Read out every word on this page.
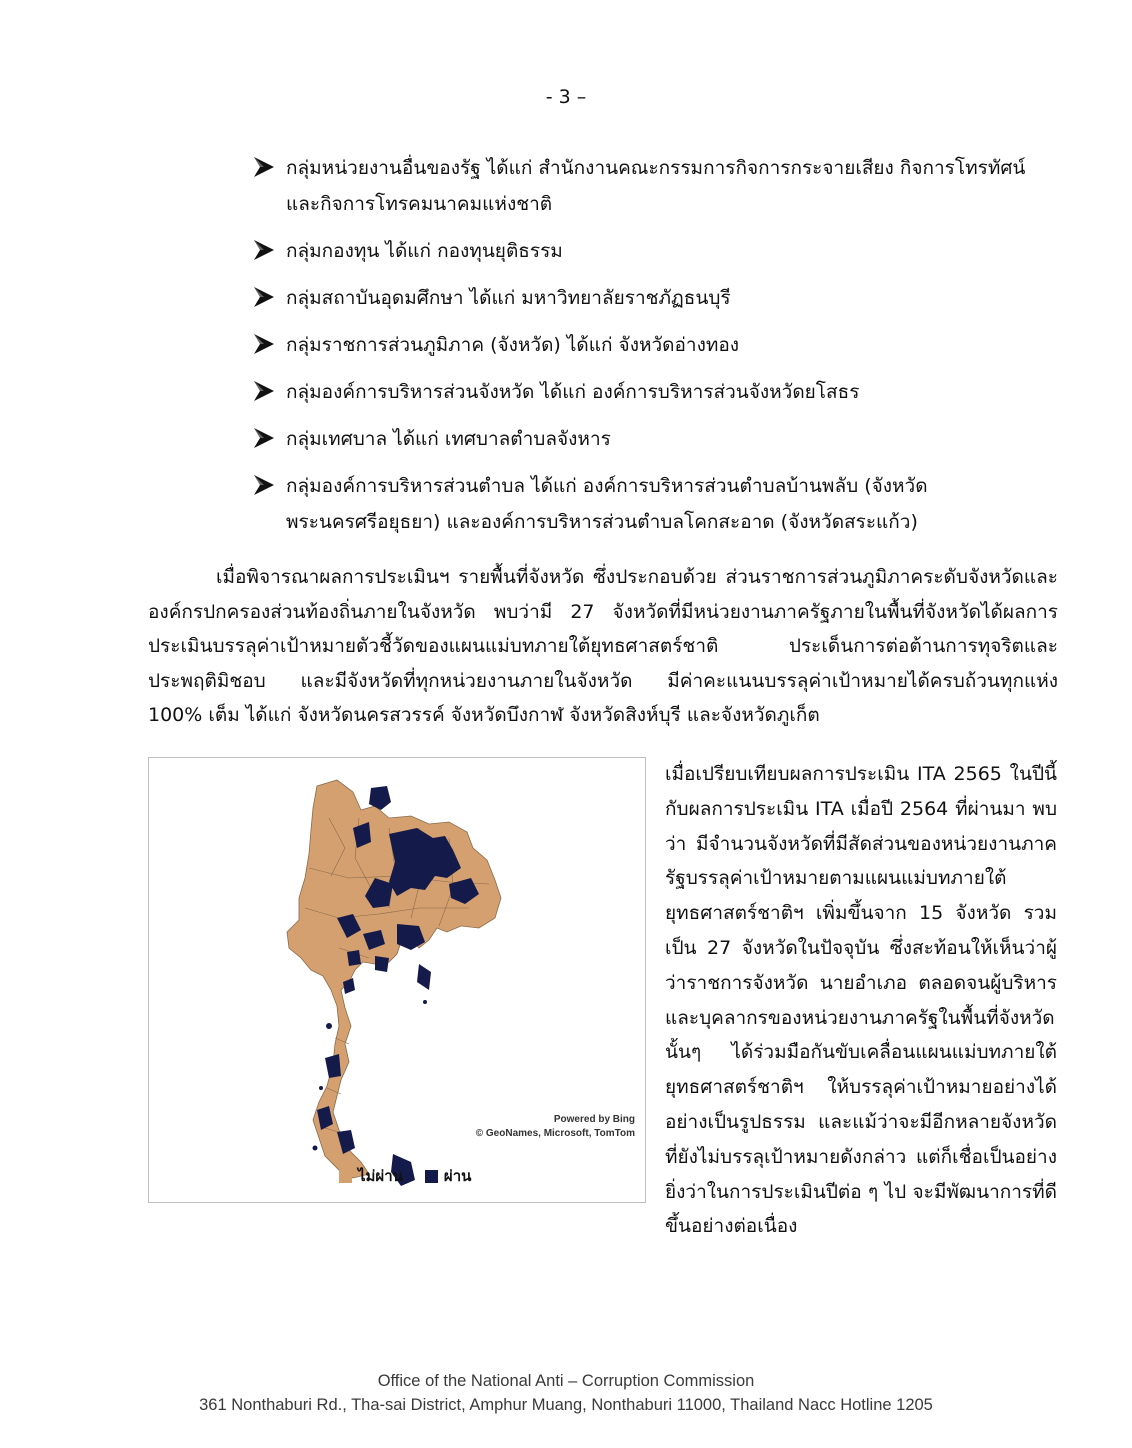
- 3 –
กลุ่มหน่วยงานอื่นของรัฐ ได้แก่ สำนักงานคณะกรรมการกิจการกระจายเสียง กิจการโทรทัศน์ และกิจการโทรคมนาคมแห่งชาติ
กลุ่มกองทุน ได้แก่ กองทุนยุติธรรม
กลุ่มสถาบันอุดมศึกษา ได้แก่ มหาวิทยาลัยราชภัฏธนบุรี
กลุ่มราชการส่วนภูมิภาค (จังหวัด) ได้แก่ จังหวัดอ่างทอง
กลุ่มองค์การบริหารส่วนจังหวัด ได้แก่ องค์การบริหารส่วนจังหวัดยโสธร
กลุ่มเทศบาล ได้แก่ เทศบาลตำบลจังหาร
กลุ่มองค์การบริหารส่วนตำบล ได้แก่ องค์การบริหารส่วนตำบลบ้านพลับ (จังหวัดพระนครศรีอยุธยา) และองค์การบริหารส่วนตำบลโคกสะอาด (จังหวัดสระแก้ว)

เมื่อพิจารณาผลการประเมินฯ รายพื้นที่จังหวัด ซึ่งประกอบด้วย ส่วนราชการส่วนภูมิภาคระดับจังหวัดและองค์กรปกครองส่วนท้องถิ่นภายในจังหวัด พบว่ามี 27 จังหวัดที่มีหน่วยงานภาครัฐภายในพื้นที่จังหวัดได้ผลการประเมินบรรลุค่าเป้าหมายตัวชี้วัดของแผนแม่บทภายใต้ยุทธศาสตร์ชาติ ประเด็นการต่อต้านการทุจริตและประพฤติมิชอบ และมีจังหวัดที่ทุกหน่วยงานภายในจังหวัด มีค่าคะแนนบรรลุค่าเป้าหมายได้ครบถ้วนทุกแห่ง 100% เต็ม ได้แก่ จังหวัดนครสวรรค์ จังหวัดบึงกาฬ จังหวัดสิงห์บุรี และจังหวัดภูเก็ต

Powered by Bing
© GeoNames, Microsoft, TomTom
ไม่ผ่าน	ผ่าน

เมื่อเปรียบเทียบผลการประเมิน ITA 2565 ในปีนี้กับผลการประเมิน ITA เมื่อปี 2564 ที่ผ่านมา พบว่า มีจำนวนจังหวัดที่มีสัดส่วนของหน่วยงานภาครัฐบรรลุค่าเป้าหมายตามแผนแม่บทภายใต้ยุทธศาสตร์ชาติฯ เพิ่มขึ้นจาก 15 จังหวัด รวมเป็น 27 จังหวัดในปัจจุบัน ซึ่งสะท้อนให้เห็นว่าผู้ว่าราชการจังหวัด นายอำเภอ ตลอดจนผู้บริหารและบุคลากรของหน่วยงานภาครัฐในพื้นที่จังหวัดนั้นๆ ได้ร่วมมือกันขับเคลื่อนแผนแม่บทภายใต้ยุทธศาสตร์ชาติฯ ให้บรรลุค่าเป้าหมายอย่างได้อย่างเป็นรูปธรรม และแม้ว่าจะมีอีกหลายจังหวัดที่ยังไม่บรรลุเป้าหมายดังกล่าว แต่ก็เชื่อเป็นอย่างยิ่งว่าในการประเมินปีต่อ ๆ ไป จะมีพัฒนาการที่ดีขึ้นอย่างต่อเนื่อง

Office of the National Anti – Corruption Commission
361 Nonthaburi Rd., Tha-sai District, Amphur Muang, Nonthaburi 11000, Thailand Nacc Hotline 1205
